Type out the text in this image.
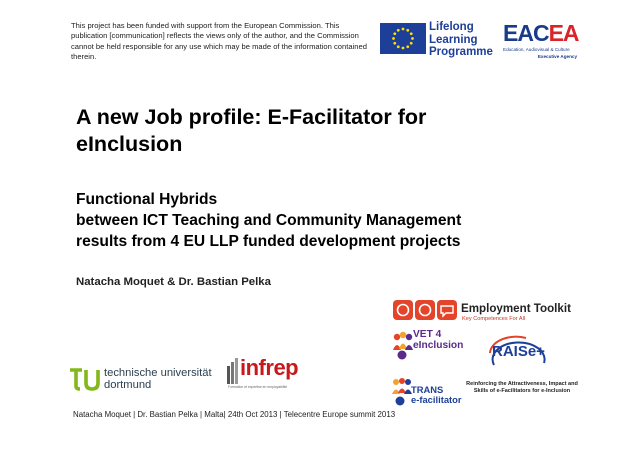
This project has been funded with support from the European Commission. This publication [communication] reflects the views only of the author, and the Commission cannot be held responsible for any use which may be made of the information contained therein.
Lifelong
Learning
Programme
EACEA
Education, Audiovisual & Culture
Executive Agency
A new Job profile: E-Facilitator for eInclusion
Functional Hybrids
between ICT Teaching and Community Management
results from 4 EU LLP funded development projects
Natacha Moquet & Dr. Bastian Pelka
technische universität
dortmund
infrep
Formation et expertise en employabilité
Employment Toolkit
Key Competences For All
VET 4
eInclusion
TRANS
e-facilitator
RAISe+
Reinforcing the Attractiveness, Impact and Skills of e-Facilitators for e-Inclusion
Natacha Moquet | Dr. Bastian Pelka | Malta| 24th Oct 2013 | Telecentre Europe summit 2013
